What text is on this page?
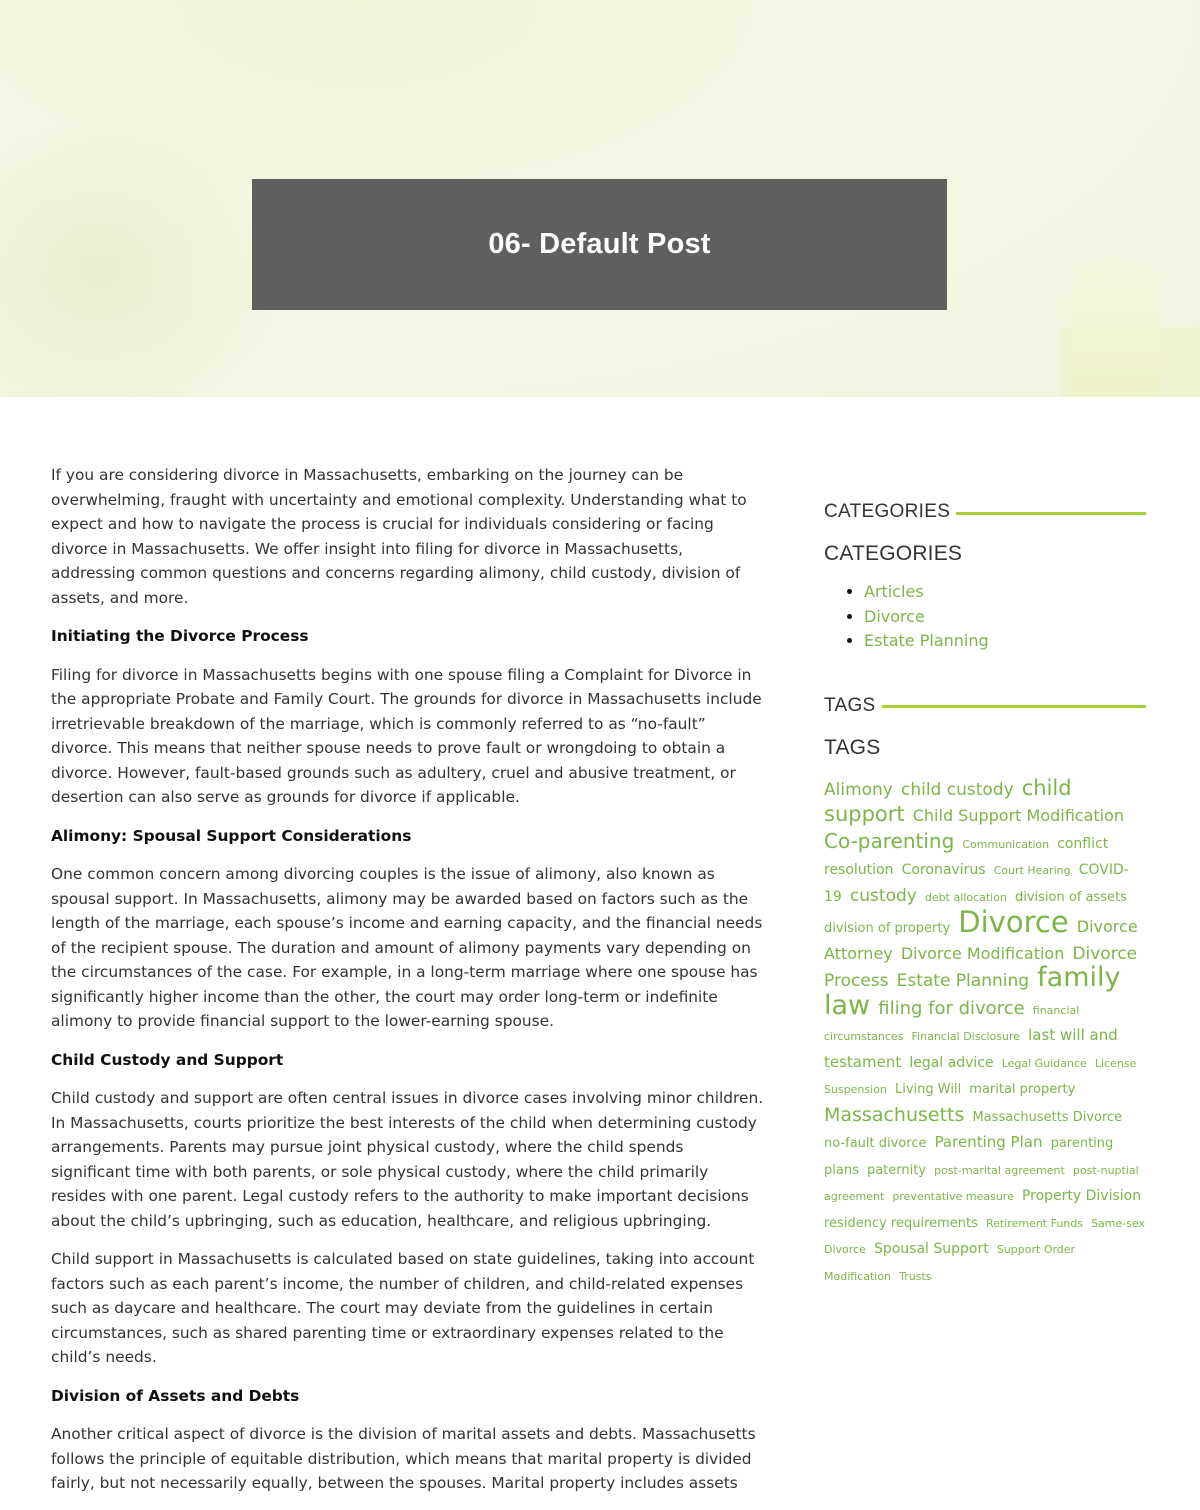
06- Default Post

If you are considering divorce in Massachusetts, embarking on the journey can be overwhelming, fraught with uncertainty and emotional complexity. Understanding what to expect and how to navigate the process is crucial for individuals considering or facing divorce in Massachusetts. We offer insight into filing for divorce in Massachusetts, addressing common questions and concerns regarding alimony, child custody, division of assets, and more.

Initiating the Divorce Process

Filing for divorce in Massachusetts begins with one spouse filing a Complaint for Divorce in the appropriate Probate and Family Court. The grounds for divorce in Massachusetts include irretrievable breakdown of the marriage, which is commonly referred to as “no-fault” divorce. This means that neither spouse needs to prove fault or wrongdoing to obtain a divorce. However, fault-based grounds such as adultery, cruel and abusive treatment, or desertion can also serve as grounds for divorce if applicable.

Alimony: Spousal Support Considerations

One common concern among divorcing couples is the issue of alimony, also known as spousal support. In Massachusetts, alimony may be awarded based on factors such as the length of the marriage, each spouse’s income and earning capacity, and the financial needs of the recipient spouse. The duration and amount of alimony payments vary depending on the circumstances of the case. For example, in a long-term marriage where one spouse has significantly higher income than the other, the court may order long-term or indefinite alimony to provide financial support to the lower-earning spouse.

Child Custody and Support

Child custody and support are often central issues in divorce cases involving minor children. In Massachusetts, courts prioritize the best interests of the child when determining custody arrangements. Parents may pursue joint physical custody, where the child spends significant time with both parents, or sole physical custody, where the child primarily resides with one parent. Legal custody refers to the authority to make important decisions about the child’s upbringing, such as education, healthcare, and religious upbringing.

Child support in Massachusetts is calculated based on state guidelines, taking into account factors such as each parent’s income, the number of children, and child-related expenses such as daycare and healthcare. The court may deviate from the guidelines in certain circumstances, such as shared parenting time or extraordinary expenses related to the child’s needs.

Division of Assets and Debts

Another critical aspect of divorce is the division of marital assets and debts. Massachusetts follows the principle of equitable distribution, which means that marital property is divided fairly, but not necessarily equally, between the spouses. Marital property includes assets

CATEGORIES
CATEGORIES
• Articles
• Divorce
• Estate Planning
TAGS
TAGS
Alimony child custody child support Child Support Modification Co-parenting Communication conflict resolution Coronavirus Court Hearing COVID-19 custody debt allocation division of assets division of property Divorce Divorce Attorney Divorce Modification Divorce Process Estate Planning family law filing for divorce financial circumstances Financial Disclosure last will and testament legal advice Legal Guidance License Suspension Living Will marital property Massachusetts Massachusetts Divorce no-fault divorce Parenting Plan parenting plans paternity post-marital agreement post-nuptial agreement preventative measure Property Division residency requirements Retirement Funds Same-sex Divorce Spousal Support Support Order Modification Trusts
